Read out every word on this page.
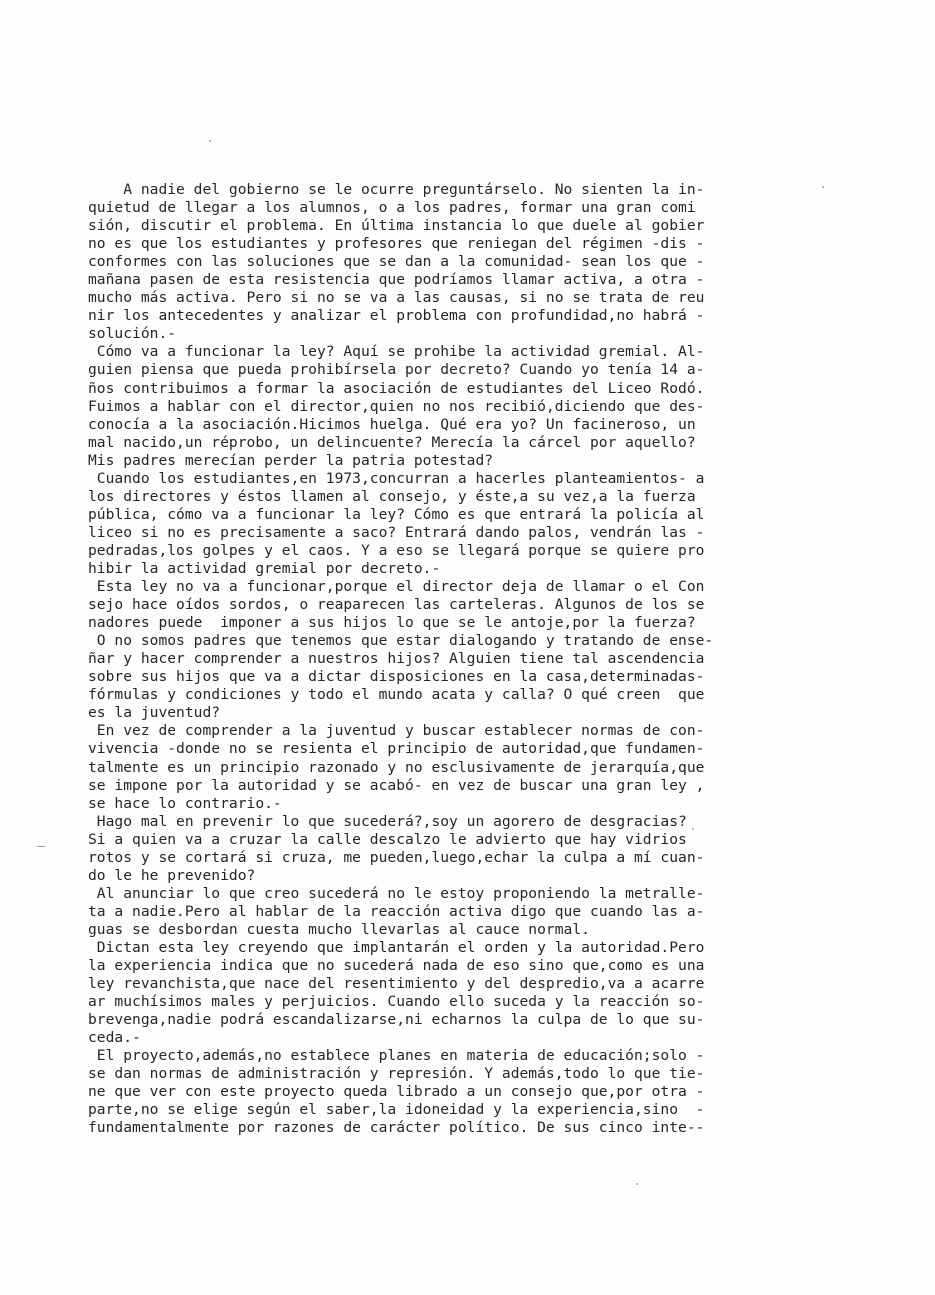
A nadie del gobierno se le ocurre preguntárselo. No sienten la in-
quietud de llegar a los alumnos, o a los padres, formar una gran comi
sión, discutir el problema. En última instancia lo que duele al gobier
no es que los estudiantes y profesores que reniegan del régimen -dis -
conformes con las soluciones que se dan a la comunidad- sean los que -
mañana pasen de esta resistencia que podríamos llamar activa, a otra -
mucho más activa. Pero si no se va a las causas, si no se trata de reu
nir los antecedentes y analizar el problema con profundidad,no habrá -
solución.-
Cómo va a funcionar la ley? Aquí se prohibe la actividad gremial. Al-
guien piensa que pueda prohibírsela por decreto? Cuando yo tenía 14 a-
ños contribuimos a formar la asociación de estudiantes del Liceo Rodó.
Fuimos a hablar con el director,quien no nos recibió,diciendo que des-
conocía a la asociación.Hicimos huelga. Qué era yo? Un facineroso, un
mal nacido,un réprobo, un delincuente? Merecía la cárcel por aquello?
Mis padres merecían perder la patria potestad?
Cuando los estudiantes,en 1973,concurran a hacerles planteamientos- a
los directores y éstos llamen al consejo, y éste,a su vez,a la fuerza
pública, cómo va a funcionar la ley? Cómo es que entrará la policía al
liceo si no es precisamente a saco? Entrará dando palos, vendrán las -
pedradas,los golpes y el caos. Y a eso se llegará porque se quiere pro
hibir la actividad gremial por decreto.-
Esta ley no va a funcionar,porque el director deja de llamar o el Con
sejo hace oídos sordos, o reaparecen las carteleras. Algunos de los se
nadores puede  imponer a sus hijos lo que se le antoje,por la fuerza?
O no somos padres que tenemos que estar dialogando y tratando de ense-
ñar y hacer comprender a nuestros hijos? Alguien tiene tal ascendencia
sobre sus hijos que va a dictar disposiciones en la casa,determinadas-
fórmulas y condiciones y todo el mundo acata y calla? O qué creen  que
es la juventud?
En vez de comprender a la juventud y buscar establecer normas de con-
vivencia -donde no se resienta el principio de autoridad,que fundamen-
talmente es un principio razonado y no esclusivamente de jerarquía,que
se impone por la autoridad y se acabó- en vez de buscar una gran ley ,
se hace lo contrario.-
Hago mal en prevenir lo que sucederá?,soy un agorero de desgracias?
Si a quien va a cruzar la calle descalzo le advierto que hay vidrios
rotos y se cortará si cruza, me pueden,luego,echar la culpa a mí cuan-
do le he prevenido?
Al anunciar lo que creo sucederá no le estoy proponiendo la metralle-
ta a nadie.Pero al hablar de la reacción activa digo que cuando las a-
guas se desbordan cuesta mucho llevarlas al cauce normal.
Dictan esta ley creyendo que implantarán el orden y la autoridad.Pero
la experiencia indica que no sucederá nada de eso sino que,como es una
ley revanchista,que nace del resentimiento y del despredio,va a acarre
ar muchísimos males y perjuicios. Cuando ello suceda y la reacción so-
brevenga,nadie podrá escandalizarse,ni echarnos la culpa de lo que su-
ceda.-
El proyecto,además,no establece planes en materia de educación;solo -
se dan normas de administración y represión. Y además,todo lo que tie-
ne que ver con este proyecto queda librado a un consejo que,por otra -
parte,no se elige según el saber,la idoneidad y la experiencia,sino  -
fundamentalmente por razones de carácter político. De sus cinco inte--
